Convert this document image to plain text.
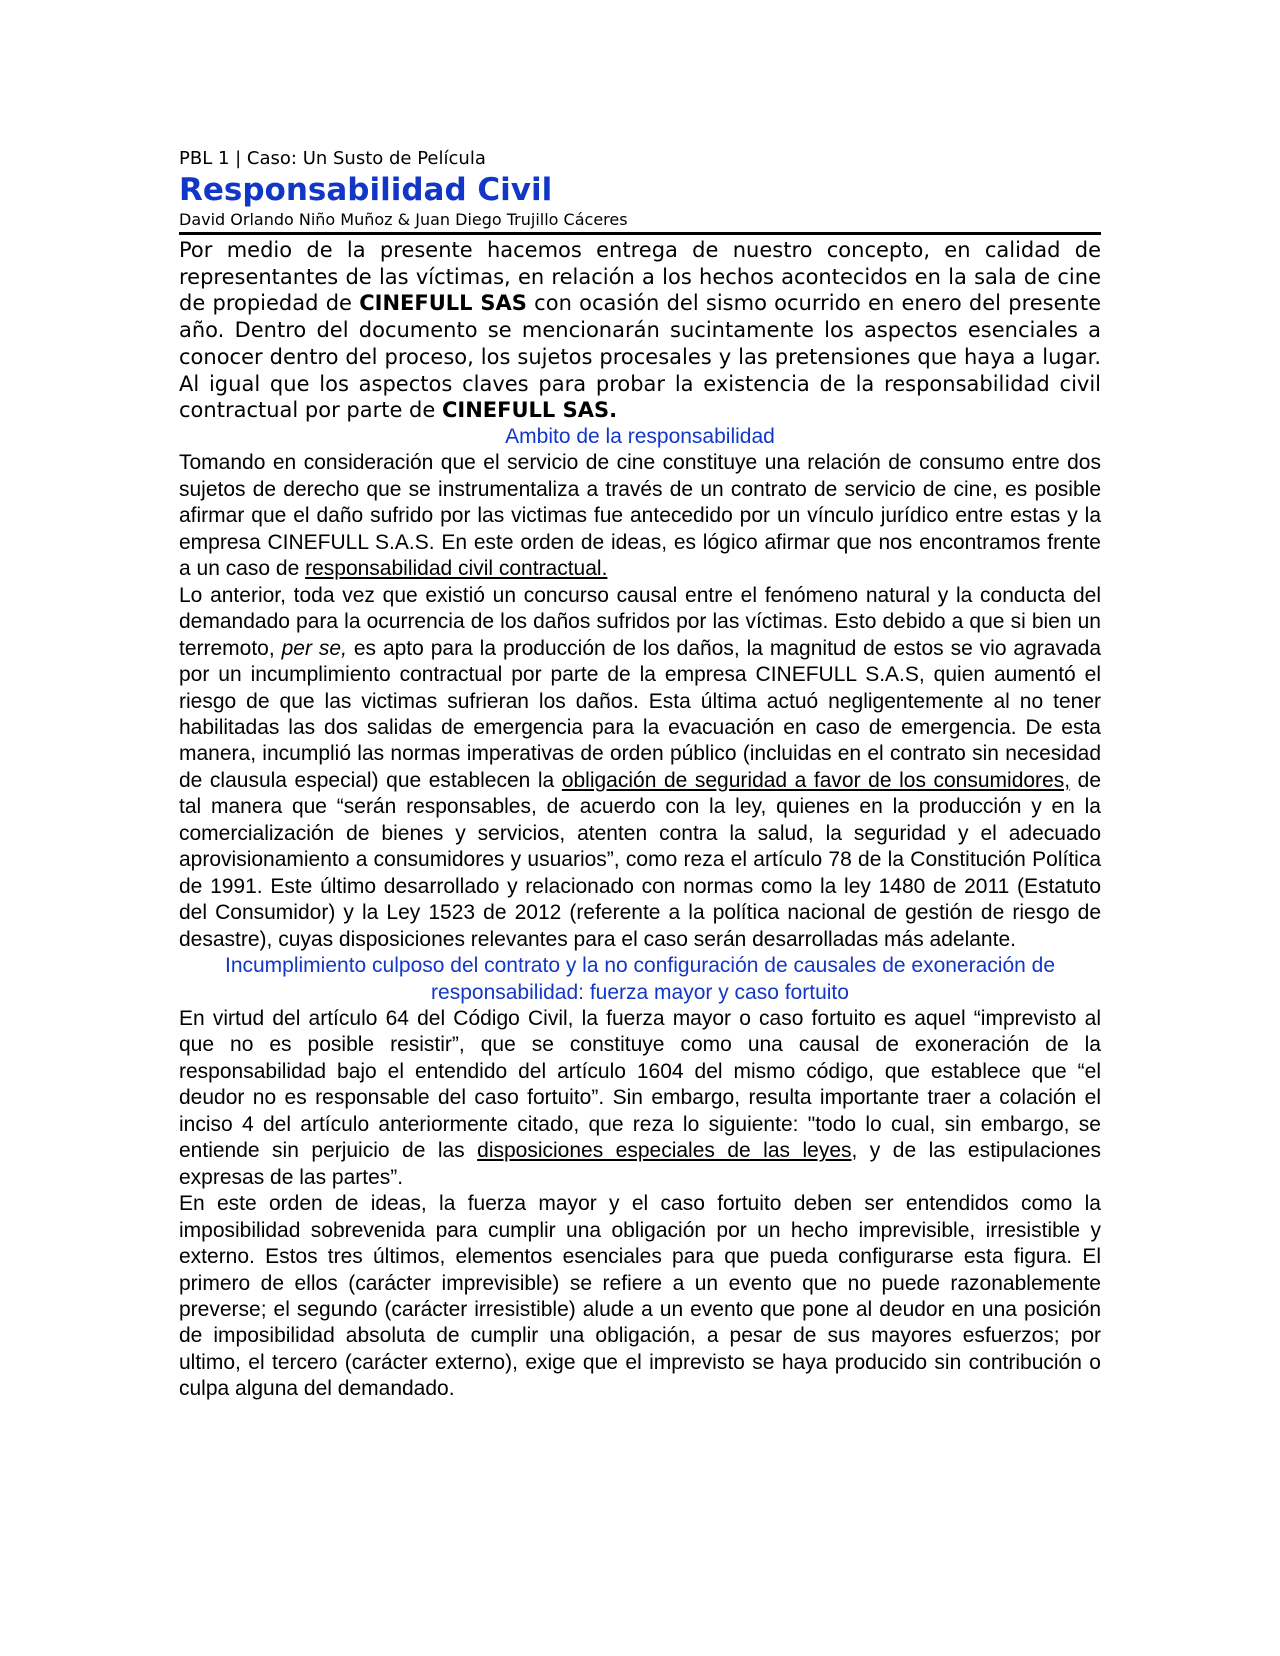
PBL 1 | Caso: Un Susto de Película

Responsabilidad Civil

David Orlando Niño Muñoz & Juan Diego Trujillo Cáceres

Por medio de la presente hacemos entrega de nuestro concepto, en calidad de representantes de las víctimas, en relación a los hechos acontecidos en la sala de cine de propiedad de CINEFULL SAS con ocasión del sismo ocurrido en enero del presente año. Dentro del documento se mencionarán sucintamente los aspectos esenciales a conocer dentro del proceso, los sujetos procesales y las pretensiones que haya a lugar. Al igual que los aspectos claves para probar la existencia de la responsabilidad civil contractual por parte de CINEFULL SAS.

Ambito de la responsabilidad

Tomando en consideración que el servicio de cine constituye una relación de consumo entre dos sujetos de derecho que se instrumentaliza a través de un contrato de servicio de cine, es posible afirmar que el daño sufrido por las victimas fue antecedido por un vínculo jurídico entre estas y la empresa CINEFULL S.A.S. En este orden de ideas, es lógico afirmar que nos encontramos frente a un caso de responsabilidad civil contractual.

Lo anterior, toda vez que existió un concurso causal entre el fenómeno natural y la conducta del demandado para la ocurrencia de los daños sufridos por las víctimas. Esto debido a que si bien un terremoto, per se, es apto para la producción de los daños, la magnitud de estos se vio agravada por un incumplimiento contractual por parte de la empresa CINEFULL S.A.S, quien aumentó el riesgo de que las victimas sufrieran los daños. Esta última actuó negligentemente al no tener habilitadas las dos salidas de emergencia para la evacuación en caso de emergencia. De esta manera, incumplió las normas imperativas de orden público (incluidas en el contrato sin necesidad de clausula especial) que establecen la obligación de seguridad a favor de los consumidores, de tal manera que “serán responsables, de acuerdo con la ley, quienes en la producción y en la comercialización de bienes y servicios, atenten contra la salud, la seguridad y el adecuado aprovisionamiento a consumidores y usuarios”, como reza el artículo 78 de la Constitución Política de 1991. Este último desarrollado y relacionado con normas como la ley 1480 de 2011 (Estatuto del Consumidor) y la Ley 1523 de 2012 (referente a la política nacional de gestión de riesgo de desastre), cuyas disposiciones relevantes para el caso serán desarrolladas más adelante.

Incumplimiento culposo del contrato y la no configuración de causales de exoneración de responsabilidad: fuerza mayor y caso fortuito

En virtud del artículo 64 del Código Civil, la fuerza mayor o caso fortuito es aquel “imprevisto al que no es posible resistir”, que se constituye como una causal de exoneración de la responsabilidad bajo el entendido del artículo 1604 del mismo código, que establece que “el deudor no es responsable del caso fortuito”. Sin embargo, resulta importante traer a colación el inciso 4 del artículo anteriormente citado, que reza lo siguiente: "todo lo cual, sin embargo, se entiende sin perjuicio de las disposiciones especiales de las leyes, y de las estipulaciones expresas de las partes”.

En este orden de ideas, la fuerza mayor y el caso fortuito deben ser entendidos como la imposibilidad sobrevenida para cumplir una obligación por un hecho imprevisible, irresistible y externo. Estos tres últimos, elementos esenciales para que pueda configurarse esta figura. El primero de ellos (carácter imprevisible) se refiere a un evento que no puede razonablemente preverse; el segundo (carácter irresistible) alude a un evento que pone al deudor en una posición de imposibilidad absoluta de cumplir una obligación, a pesar de sus mayores esfuerzos; por ultimo, el tercero (carácter externo), exige que el imprevisto se haya producido sin contribución o culpa alguna del demandado.
